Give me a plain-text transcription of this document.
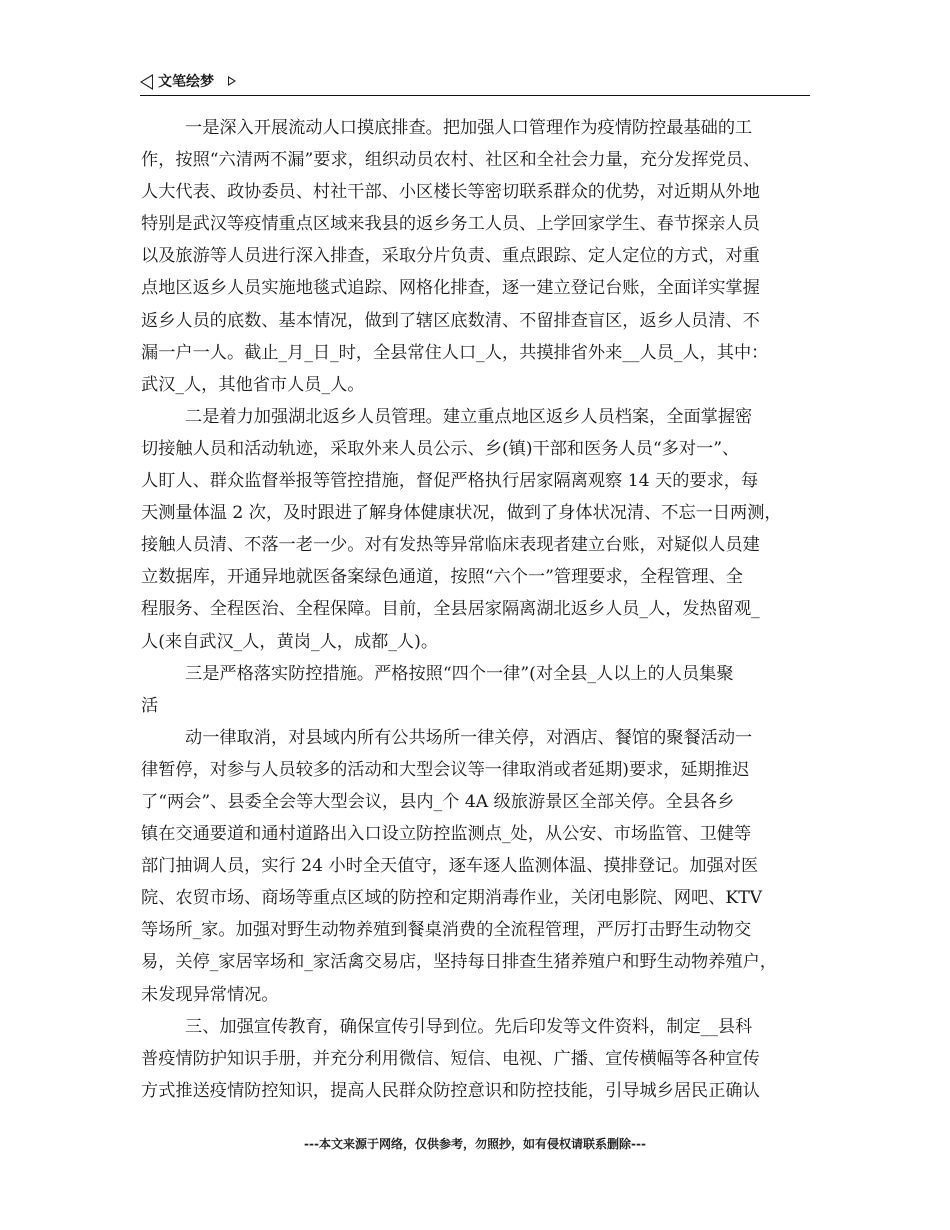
文笔绘梦
一是深入开展流动人口摸底排查。把加强人口管理作为疫情防控最基础的工
作，按照“六清两不漏”要求，组织动员农村、社区和全社会力量，充分发挥党员、
人大代表、政协委员、村社干部、小区楼长等密切联系群众的优势，对近期从外地
特别是武汉等疫情重点区域来我县的返乡务工人员、上学回家学生、春节探亲人员
以及旅游等人员进行深入排查，采取分片负责、重点跟踪、定人定位的方式，对重
点地区返乡人员实施地毯式追踪、网格化排查，逐一建立登记台账，全面详实掌握
返乡人员的底数、基本情况，做到了辖区底数清、不留排查盲区，返乡人员清、不
漏一户一人。截止_月_日_时，全县常住人口_人，共摸排省外来__人员_人，其中：
武汉_人，其他省市人员_人。
二是着力加强湖北返乡人员管理。建立重点地区返乡人员档案，全面掌握密
切接触人员和活动轨迹，采取外来人员公示、乡(镇)干部和医务人员“多对一”、
人盯人、群众监督举报等管控措施，督促严格执行居家隔离观察 14 天的要求，每
天测量体温 2 次，及时跟进了解身体健康状况，做到了身体状况清、不忘一日两测，
接触人员清、不落一老一少。对有发热等异常临床表现者建立台账，对疑似人员建
立数据库，开通异地就医备案绿色通道，按照“六个一”管理要求，全程管理、全
程服务、全程医治、全程保障。目前，全县居家隔离湖北返乡人员_人，发热留观_
人(来自武汉_人，黄岗_人，成都_人)。
三是严格落实防控措施。严格按照“四个一律”(对全县_人以上的人员集聚
活
动一律取消，对县域内所有公共场所一律关停，对酒店、餐馆的聚餐活动一
律暂停，对参与人员较多的活动和大型会议等一律取消或者延期)要求，延期推迟
了“两会”、县委全会等大型会议，县内_个 4A 级旅游景区全部关停。全县各乡
镇在交通要道和通村道路出入口设立防控监测点_处，从公安、市场监管、卫健等
部门抽调人员，实行 24 小时全天值守，逐车逐人监测体温、摸排登记。加强对医
院、农贸市场、商场等重点区域的防控和定期消毒作业，关闭电影院、网吧、KTV
等场所_家。加强对野生动物养殖到餐桌消费的全流程管理，严厉打击野生动物交
易，关停_家居宰场和_家活禽交易店，坚持每日排查生猪养殖户和野生动物养殖户，
未发现异常情况。
三、加强宣传教育，确保宣传引导到位。先后印发等文件资料，制定__县科
普疫情防护知识手册，并充分利用微信、短信、电视、广播、宣传横幅等各种宣传
方式推送疫情防控知识，提高人民群众防控意识和防控技能，引导城乡居民正确认
---本文来源于网络，仅供参考，勿照抄，如有侵权请联系删除---
